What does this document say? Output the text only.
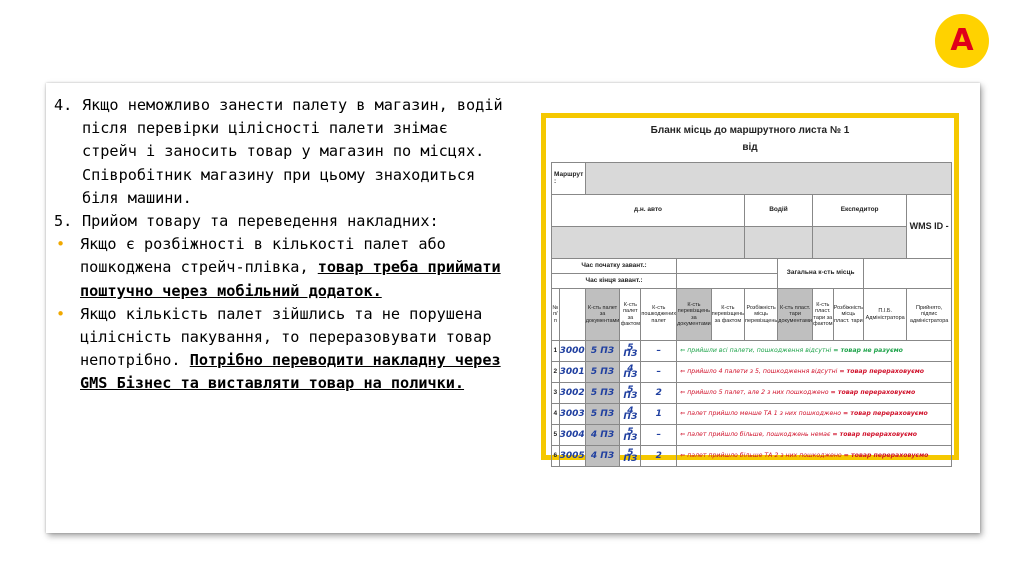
A
4. Якщо неможливо занести палету в магазин, водій після перевірки цілісності палети знімає стрейч і заносить товар у магазин по місцях. Співробітник магазину при цьому знаходиться біля машини.
5. Прийом товару та переведення накладних:
• Якщо є розбіжності в кількості палет або пошкоджена стрейч-плівка, товар треба приймати поштучно через мобільний додаток.
• Якщо кількість палет зійшлись та не порушена цілісність пакування, то переразовувати товар непотрібно. Потрібно переводити накладну через GMS Бізнес та виставляти товар на полички.
Бланк місць до маршрутного листа № 1
від
Маршрут :												
д.н. авто							Водій		Експедитор			WMS ID -

Час початку завант.:								Загальна к-сть місць				
Час кінця завант.:												
№ п/п		К-сть палет за документами	К-сть палет за фактом	К-сть пошкоджених палет	К-сть перевізщень за документами	К-сть перевізщень за фактом	Розбіжність місць перевізщень	К-сть пласт. тари документами	К-сть пласт. тари за фактом	Розбіжність місць пласт. тари	П.І.Б. Адміністратора	Прийнято, підпис адміністратора
1	3000	5 ПЗ	5 ПЗ	–	⇐ прийшли всі палети, пошкодження відсутні = товар не разуємо							
2	3001	5 ПЗ	4 ПЗ	–	⇐ прийшло 4 палети з 5, пошкодження відсутні = товар перераховуємо							
3	3002	5 ПЗ	5 ПЗ	2	⇐ прийшло 5 палет, але 2 з них пошкоджено = товар перераховуємо							
4	3003	5 ПЗ	4 ПЗ	1	⇐ палет прийшло менше ТА 1 з них пошкоджено = товар перераховуємо							
5	3004	4 ПЗ	5 ПЗ	–	⇐ палет прийшло більше, пошкоджень немає = товар перераховуємо							
6	3005	4 ПЗ	5 ПЗ	2	⇐ палет прийшло більше ТА 2 з них пошкоджено = товар перераховуємо							
